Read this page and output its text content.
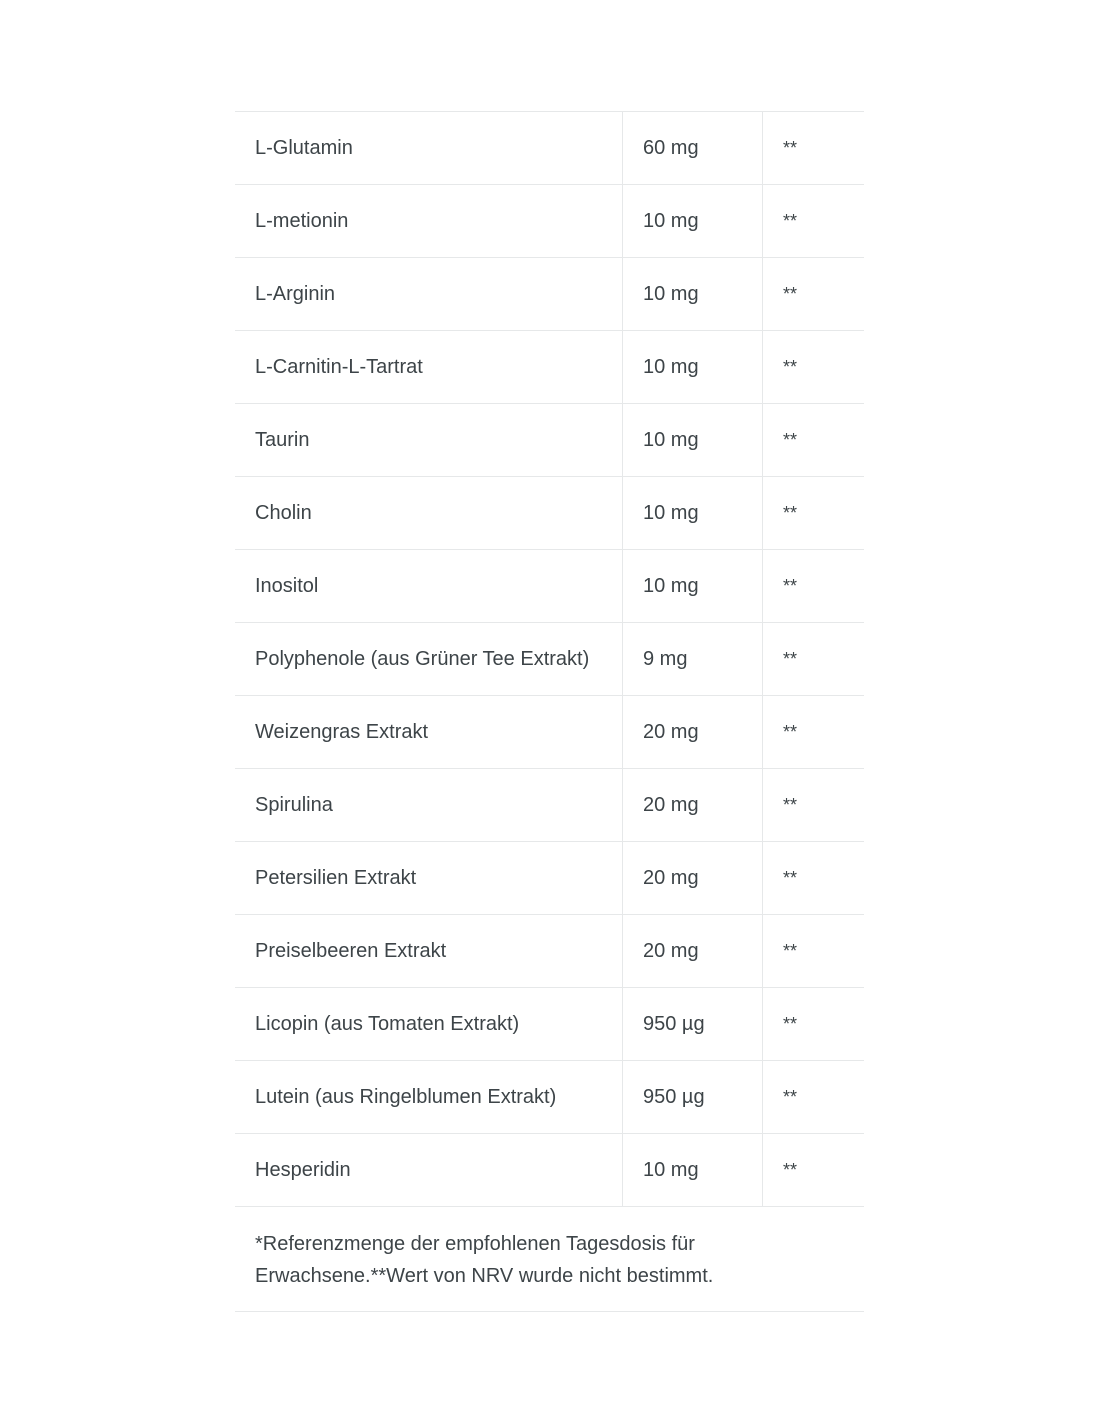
L-Glutamin	60 mg	**
L-metionin	10 mg	**
L-Arginin	10 mg	**
L-Carnitin-L-Tartrat	10 mg	**
Taurin	10 mg	**
Cholin	10 mg	**
Inositol	10 mg	**
Polyphenole (aus Grüner Tee Extrakt)	9 mg	**
Weizengras Extrakt	20 mg	**
Spirulina	20 mg	**
Petersilien Extrakt	20 mg	**
Preiselbeeren Extrakt	20 mg	**
Licopin (aus Tomaten Extrakt)	950 µg	**
Lutein (aus Ringelblumen Extrakt)	950 µg	**
Hesperidin	10 mg	**
*Referenzmenge der empfohlenen Tagesdosis für Erwachsene.**Wert von NRV wurde nicht bestimmt.		
